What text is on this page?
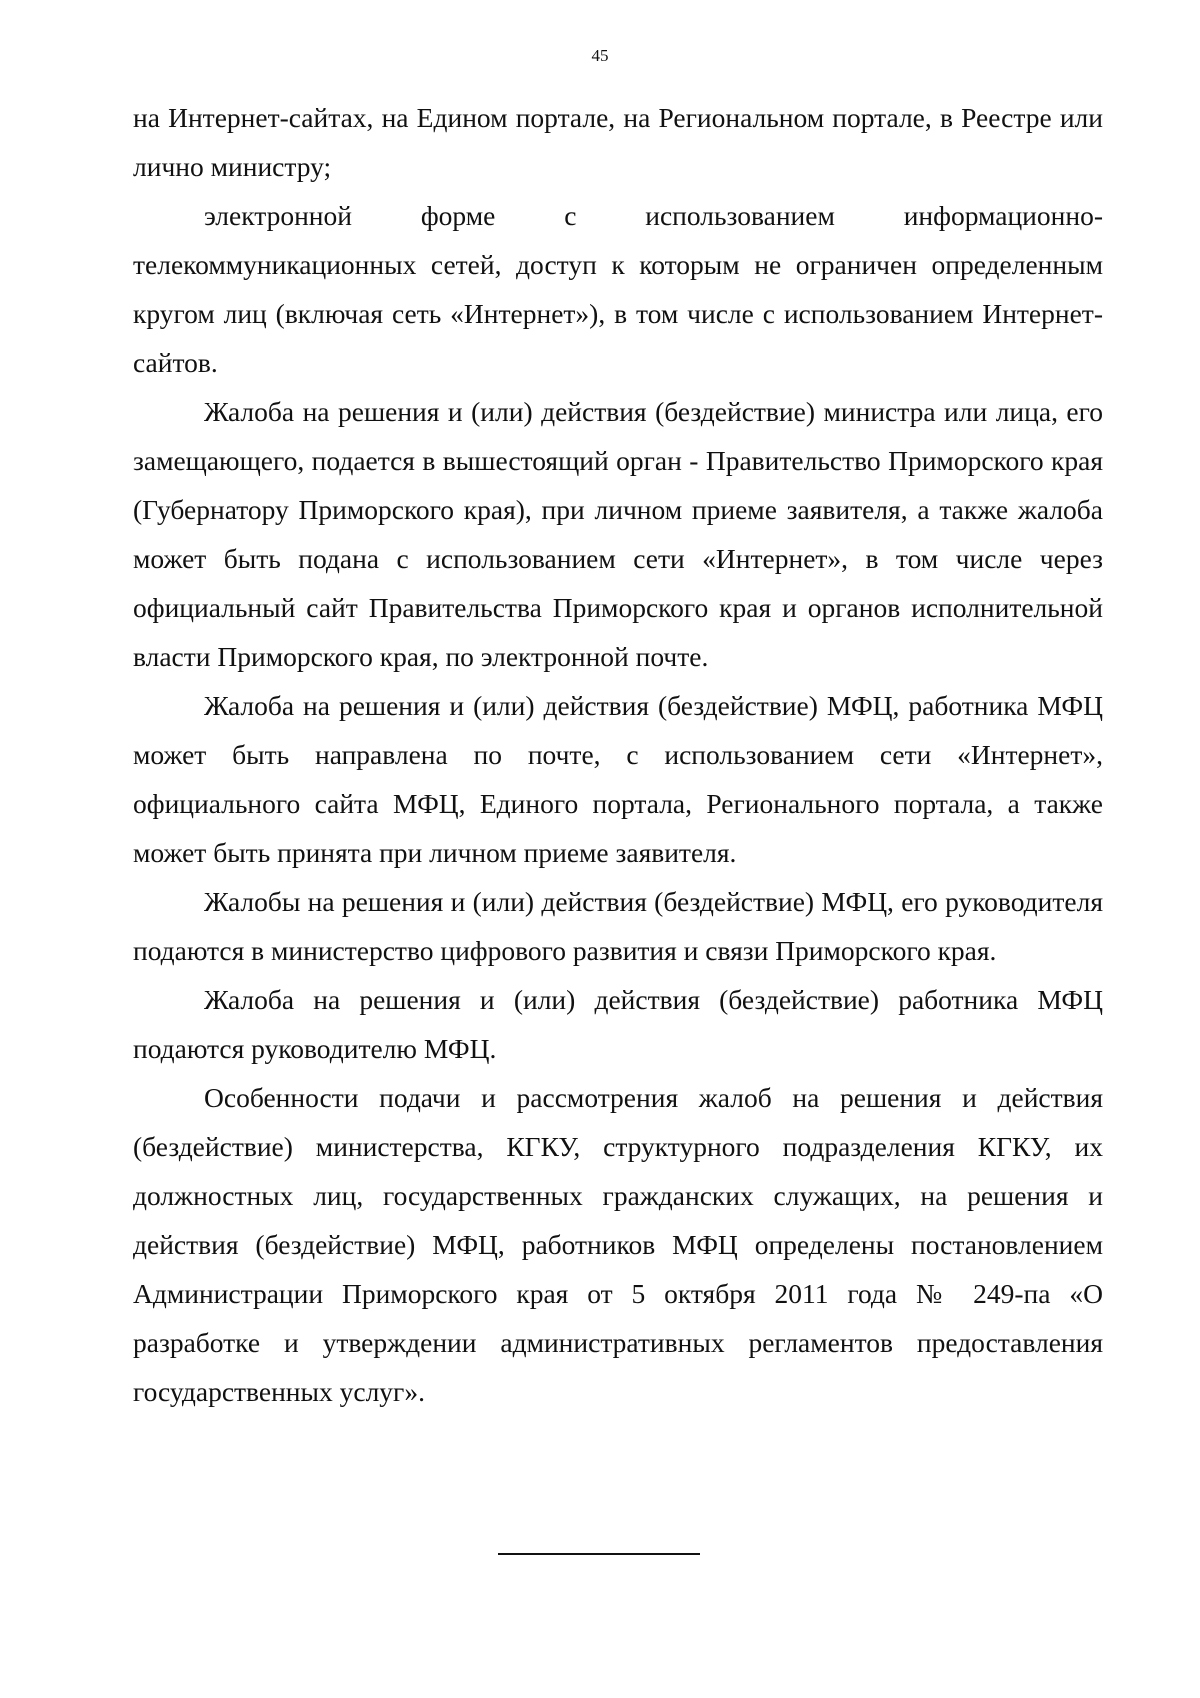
45

на Интернет-сайтах, на Едином портале, на Региональном портале, в Реестре или лично министру;

электронной форме с использованием информационно-телекоммуникационных сетей, доступ к которым не ограничен определенным кругом лиц (включая сеть «Интернет»), в том числе с использованием Интернет-сайтов.

Жалоба на решения и (или) действия (бездействие) министра или лица, его замещающего, подается в вышестоящий орган - Правительство Приморского края (Губернатору Приморского края), при личном приеме заявителя, а также жалоба может быть подана с использованием сети «Интернет», в том числе через официальный сайт Правительства Приморского края и органов исполнительной власти Приморского края, по электронной почте.

Жалоба на решения и (или) действия (бездействие) МФЦ, работника МФЦ может быть направлена по почте, с использованием сети «Интернет», официального сайта МФЦ, Единого портала, Регионального портала, а также может быть принята при личном приеме заявителя.

Жалобы на решения и (или) действия (бездействие) МФЦ, его руководителя подаются в министерство цифрового развития и связи Приморского края.

Жалоба на решения и (или) действия (бездействие) работника МФЦ подаются руководителю МФЦ.

Особенности подачи и рассмотрения жалоб на решения и действия (бездействие) министерства, КГКУ, структурного подразделения КГКУ, их должностных лиц, государственных гражданских служащих, на решения и действия (бездействие) МФЦ, работников МФЦ определены постановлением Администрации Приморского края от 5 октября 2011 года № 249-па «О разработке и утверждении административных регламентов предоставления государственных услуг».
